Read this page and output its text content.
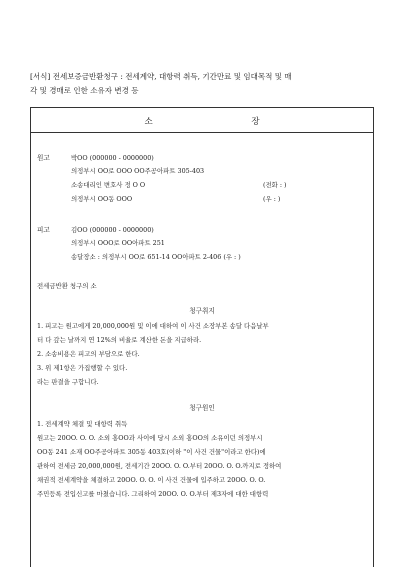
[서식] 전세보증금반환청구 : 전세계약, 대항력 취득, 기간만료 및 임대목적 및 매
각 및 경매로 인한 소유자 변경 등
소 장
원고	박OO (000000 - 0000000)
의정부시 OO로 OOO OO주공아파트 305-403
소송대리인 변호사 정 O O	(전화 : )
의정부시 OO동 OOO	(우 : )
피고	김OO (000000 - 0000000)
의정부시 OOO로 OO아파트 251
송달장소 : 의정부시 OO로 651-14 OO아파트 2-406 (우 : )
전세금반환 청구의 소
청구취지
1. 피고는 원고에게 20,000,000원 및 이에 대하여 이 사건 소장부본 송달 다음날부
터 다 갚는 날까지 연 12%의 비율로 계산한 돈을 지급하라.
2. 소송비용은 피고의 부담으로 한다.
3. 위 제1항은 가집행할 수 있다.
라는 판결을 구합니다.
청구원인
1. 전세계약 체결 및 대항력 취득
원고는 20OO. O. O. 소외 홍OO과 사이에 당시 소외 홍OO의 소유이던 의정부시
OO동 241 소재 OO주공아파트 305동 403호(이하 "이 사건 건물"이라고 한다)에
관하여 전세금 20,000,000원, 전세기간 20OO. O. O.부터 20OO. O. O.까지로 정하여
채권적 전세계약을 체결하고 20OO. O. O. 이 사건 건물에 입주하고 20OO. O. O.
주민등록 전입신고를 마쳤습니다. 그리하여 20OO. O. O.부터 제3자에 대한 대항력
